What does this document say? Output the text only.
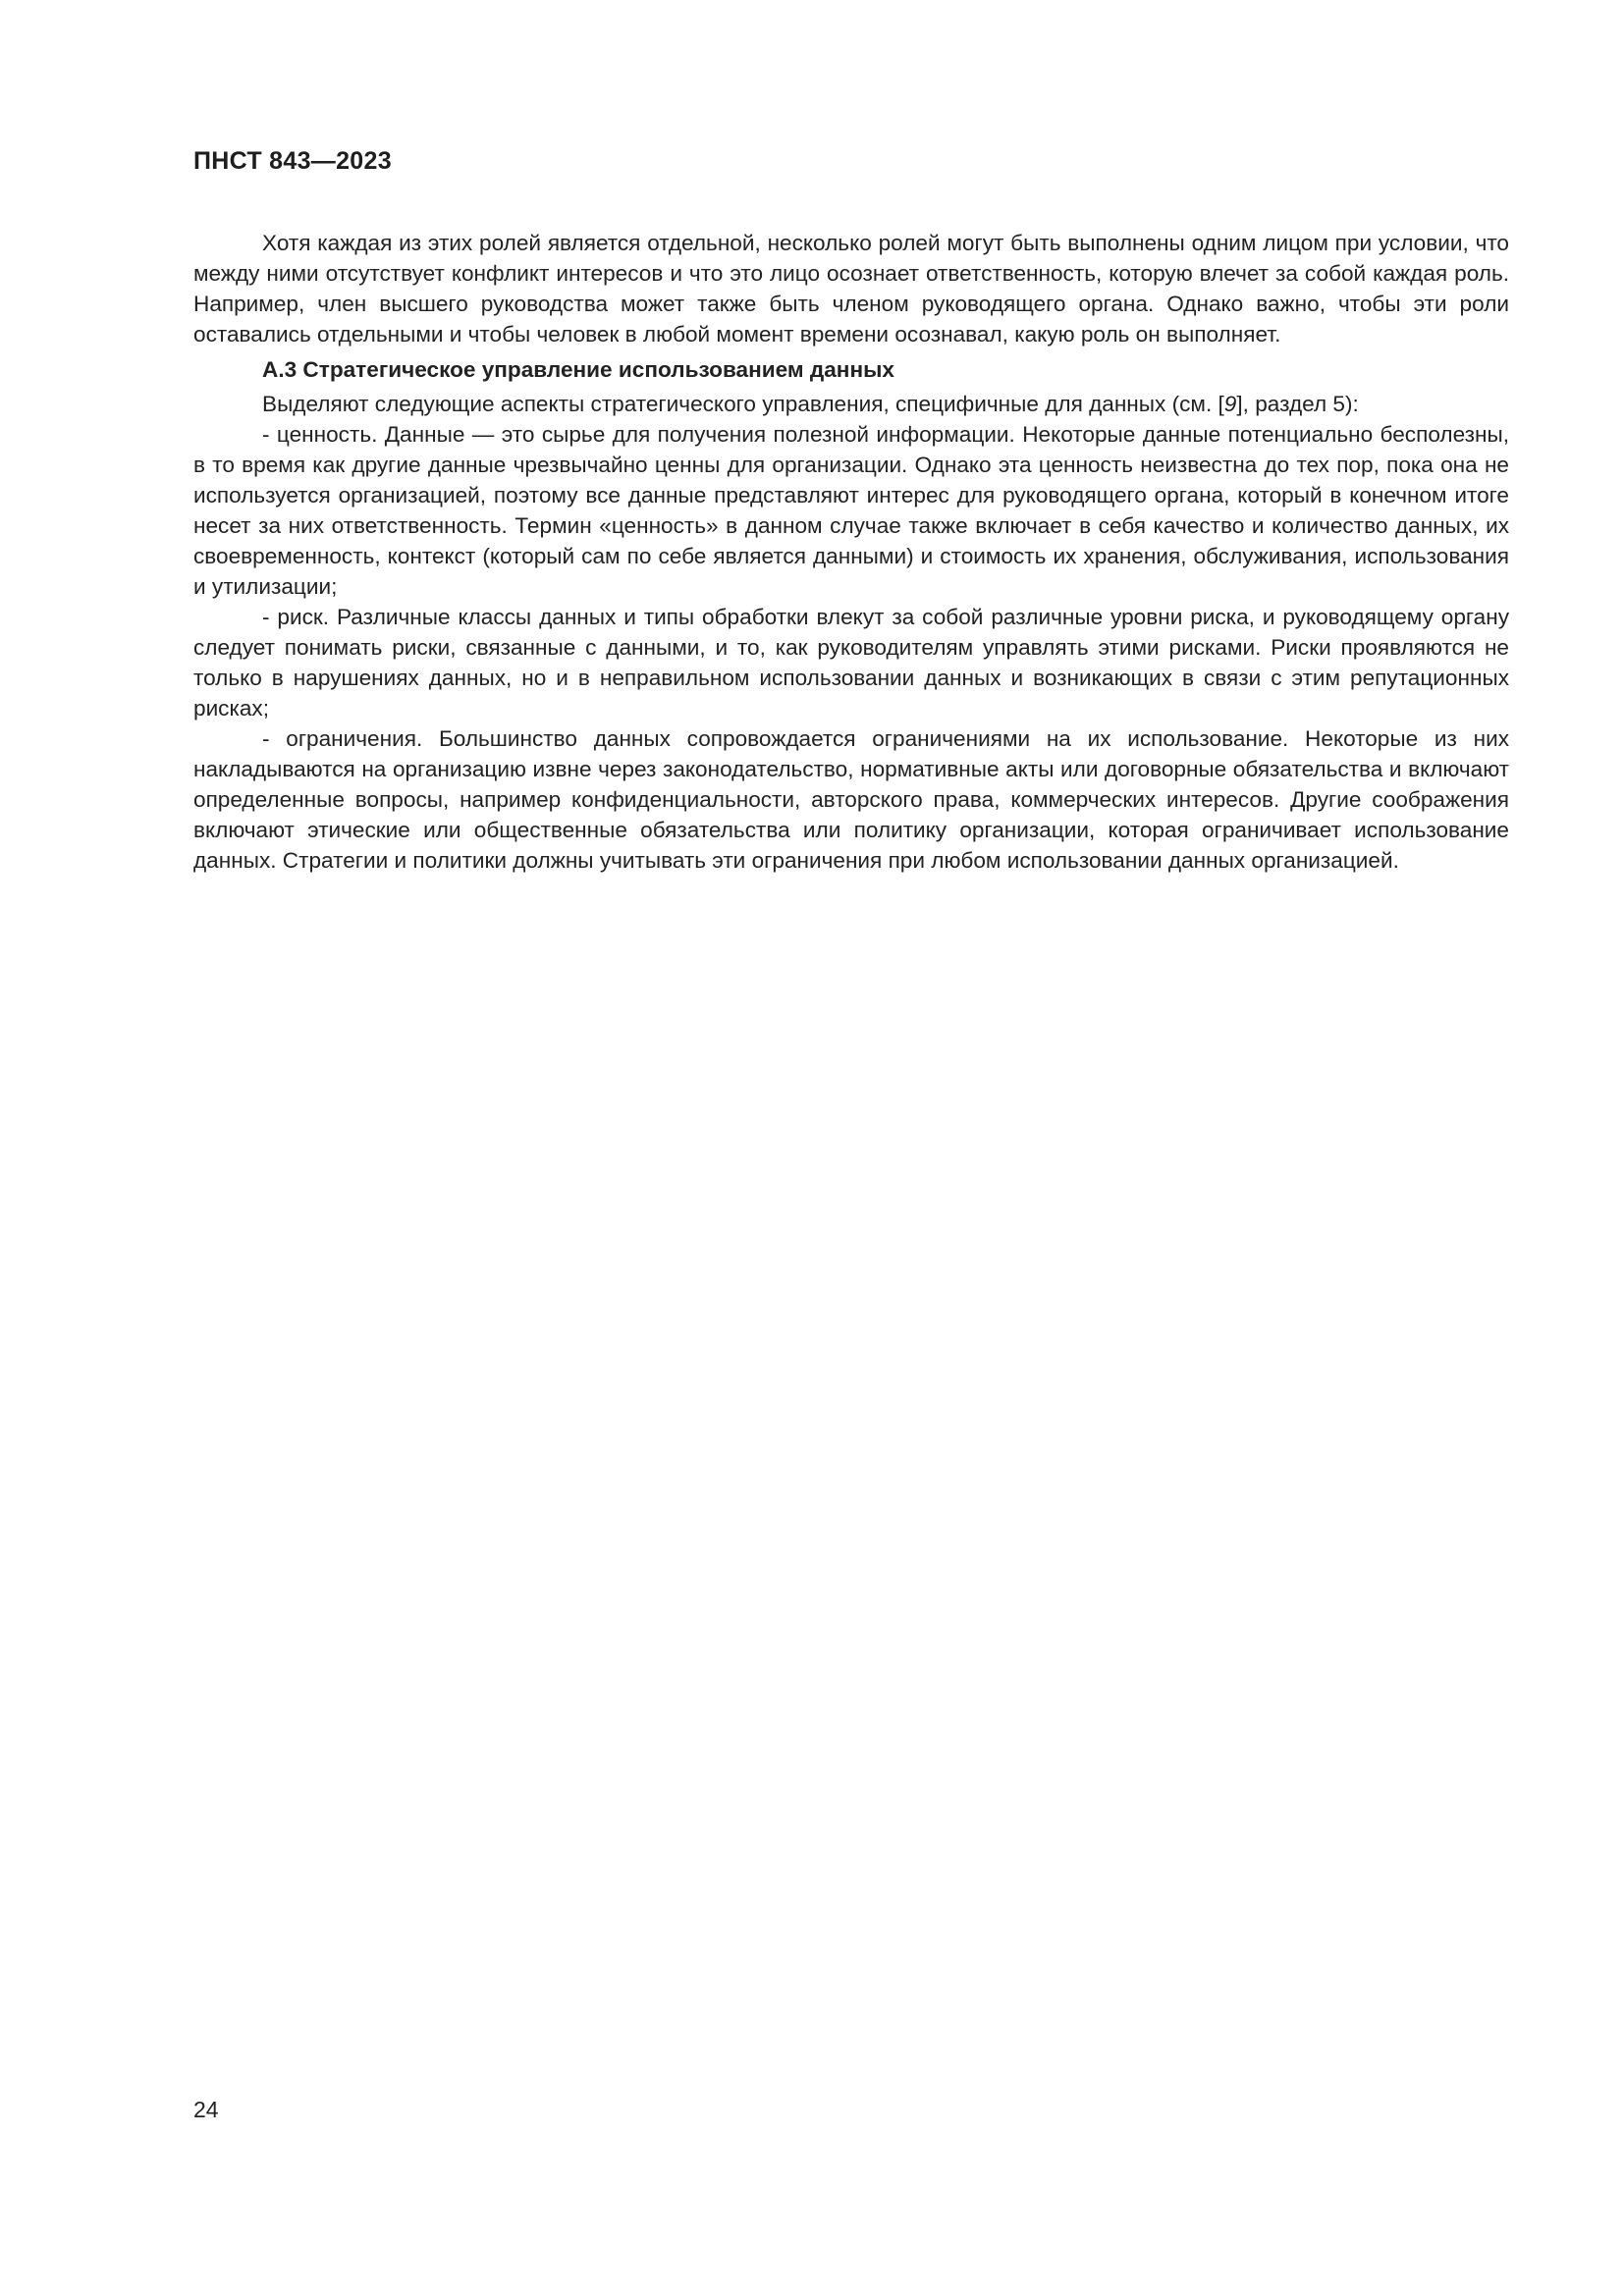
ПНСТ 843—2023

Хотя каждая из этих ролей является отдельной, несколько ролей могут быть выполнены одним лицом при условии, что между ними отсутствует конфликт интересов и что это лицо осознает ответственность, которую влечет за собой каждая роль. Например, член высшего руководства может также быть членом руководящего органа. Однако важно, чтобы эти роли оставались отдельными и чтобы человек в любой момент времени осознавал, какую роль он выполняет.

А.3 Стратегическое управление использованием данных

Выделяют следующие аспекты стратегического управления, специфичные для данных (см. [9], раздел 5):

- ценность. Данные — это сырье для получения полезной информации. Некоторые данные потенциально бесполезны, в то время как другие данные чрезвычайно ценны для организации. Однако эта ценность неизвестна до тех пор, пока она не используется организацией, поэтому все данные представляют интерес для руководящего органа, который в конечном итоге несет за них ответственность. Термин «ценность» в данном случае также включает в себя качество и количество данных, их своевременность, контекст (который сам по себе является данными) и стоимость их хранения, обслуживания, использования и утилизации;

- риск. Различные классы данных и типы обработки влекут за собой различные уровни риска, и руководящему органу следует понимать риски, связанные с данными, и то, как руководителям управлять этими рисками. Риски проявляются не только в нарушениях данных, но и в неправильном использовании данных и возникающих в связи с этим репутационных рисках;

- ограничения. Большинство данных сопровождается ограничениями на их использование. Некоторые из них накладываются на организацию извне через законодательство, нормативные акты или договорные обязательства и включают определенные вопросы, например конфиденциальности, авторского права, коммерческих интересов. Другие соображения включают этические или общественные обязательства или политику организации, которая ограничивает использование данных. Стратегии и политики должны учитывать эти ограничения при любом использовании данных организацией.

24
